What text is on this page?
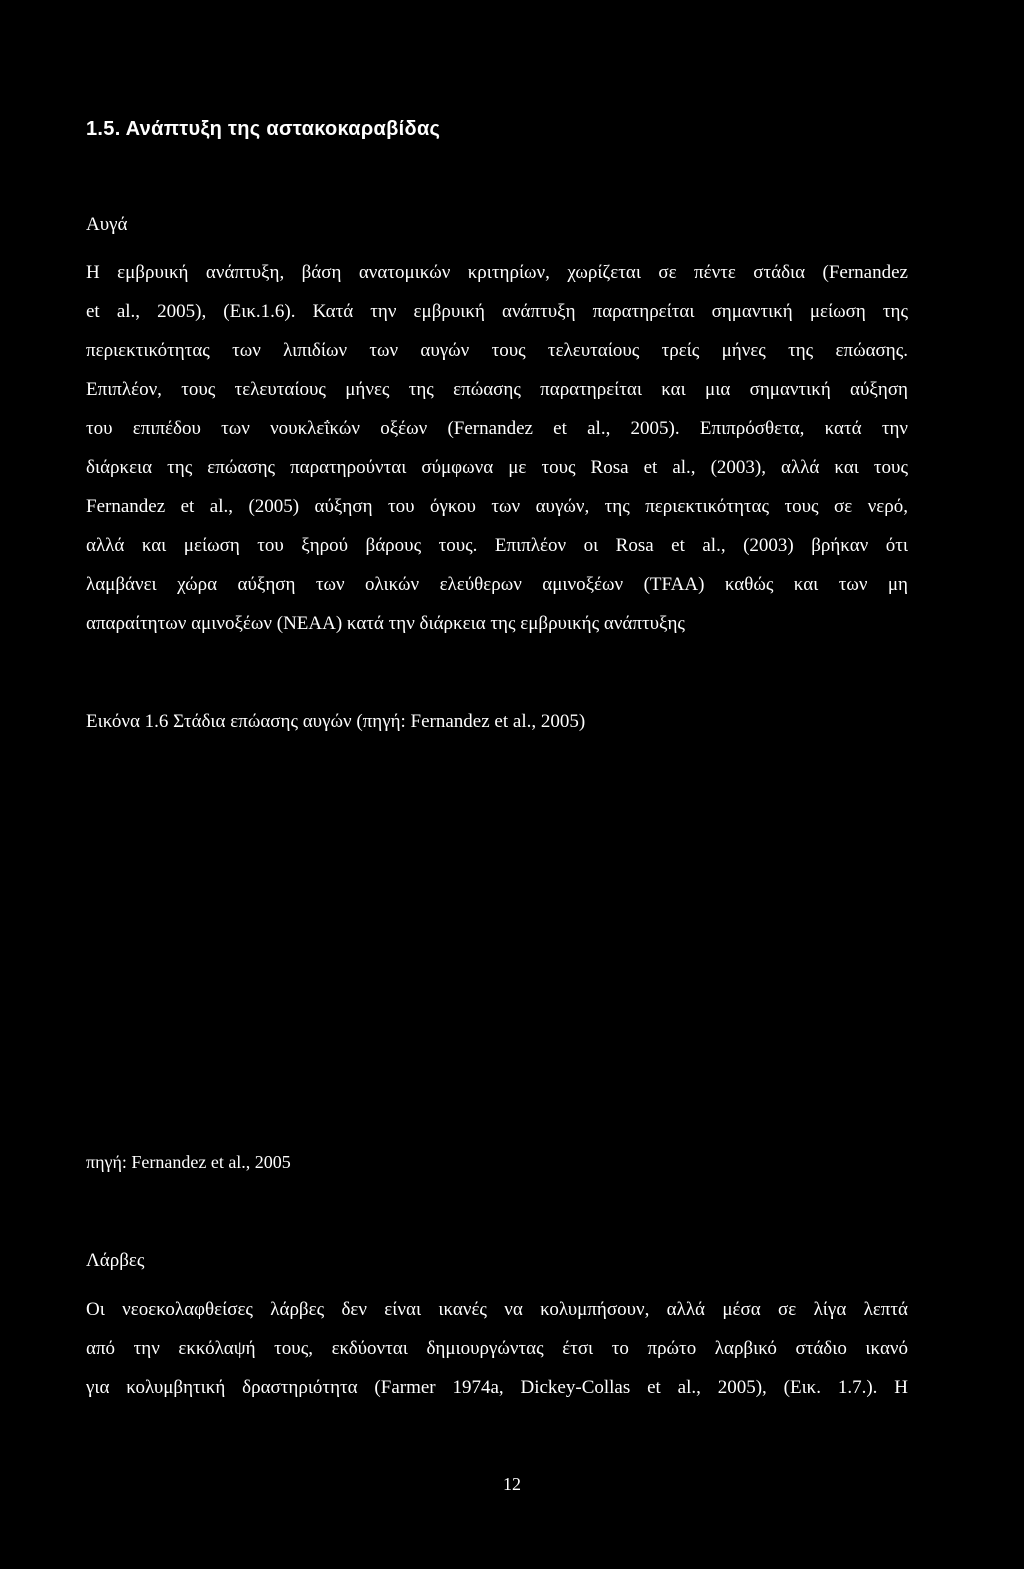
1.5. Ανάπτυξη της αστακοκαραβίδας
Αυγά
Η εμβρυική ανάπτυξη, βάση ανατομικών κριτηρίων, χωρίζεται σε πέντε στάδια (Fernandez
et al., 2005), (Εικ.1.6). Κατά την εμβρυική ανάπτυξη παρατηρείται σημαντική μείωση της
περιεκτικότητας των λιπιδίων των αυγών τους τελευταίους τρείς μήνες της επώασης.
Επιπλέον, τους τελευταίους μήνες της επώασης παρατηρείται και μια σημαντική αύξηση
του επιπέδου των νουκλεΐκών οξέων (Fernandez et al., 2005). Επιπρόσθετα, κατά την
διάρκεια της επώασης παρατηρούνται σύμφωνα με τους Rosa et al., (2003), αλλά και τους
Fernandez et al., (2005) αύξηση του όγκου των αυγών, της περιεκτικότητας τους σε νερό,
αλλά και μείωση του ξηρού βάρους τους. Επιπλέον οι Rosa et al., (2003) βρήκαν ότι
λαμβάνει χώρα αύξηση των ολικών ελεύθερων αμινοξέων (TFAA) καθώς και των μη
απαραίτητων αμινοξέων (NEAA) κατά την διάρκεια της εμβρυικής ανάπτυξης
Εικόνα 1.6 Στάδια επώασης αυγών (πηγή: Fernandez et al., 2005)
πηγή: Fernandez et al., 2005
Λάρβες
Οι νεοεκολαφθείσες λάρβες δεν είναι ικανές να κολυμπήσουν, αλλά μέσα σε λίγα λεπτά
από την εκκόλαψή τους, εκδύονται δημιουργώντας έτσι το πρώτο λαρβικό στάδιο ικανό
για κολυμβητική δραστηριότητα (Farmer 1974a, Dickey-Collas et al., 2005), (Εικ. 1.7.). Η
12
